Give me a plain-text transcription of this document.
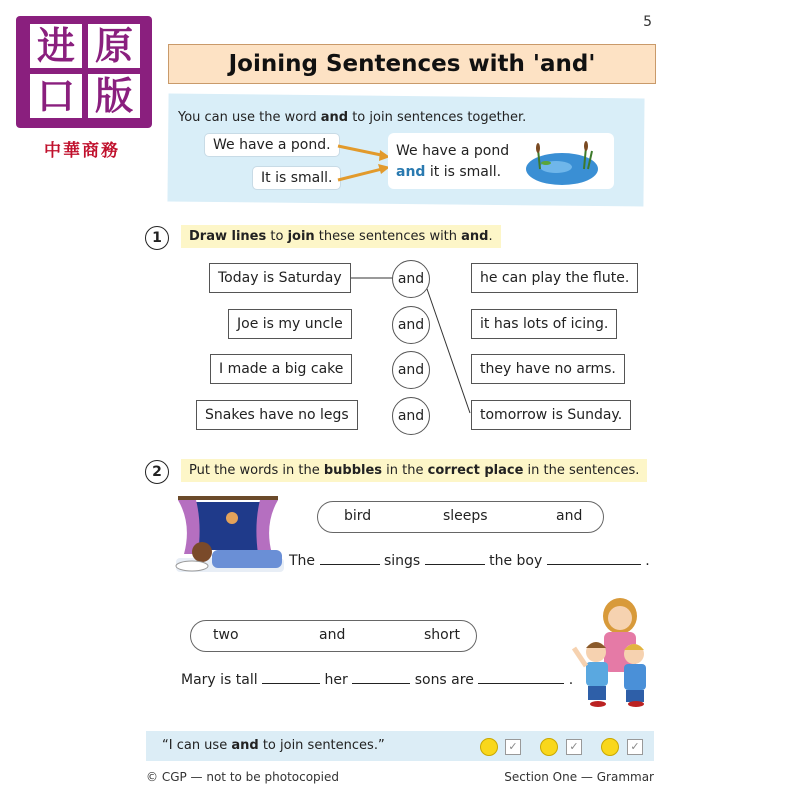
进 原
口 版
中華商務
5
Joining Sentences with 'and'
You can use the word and to join sentences together.
We have a pond.
It is small.
We have a pond
and it is small.
1	Draw lines to join these sentences with and.
Today is Saturday
Joe is my uncle
I made a big cake
Snakes have no legs
and
and
and
and
he can play the flute.
it has lots of icing.
they have no arms.
tomorrow is Sunday.
2	Put the words in the bubbles in the correct place in the sentences.
bird	sleeps	and
The	sings	the boy	.
two	and	short
Mary is tall	her	sons are	.
“I can use and to join sentences.”	✓	✓	✓
© CGP — not to be photocopied	Section One — Grammar
